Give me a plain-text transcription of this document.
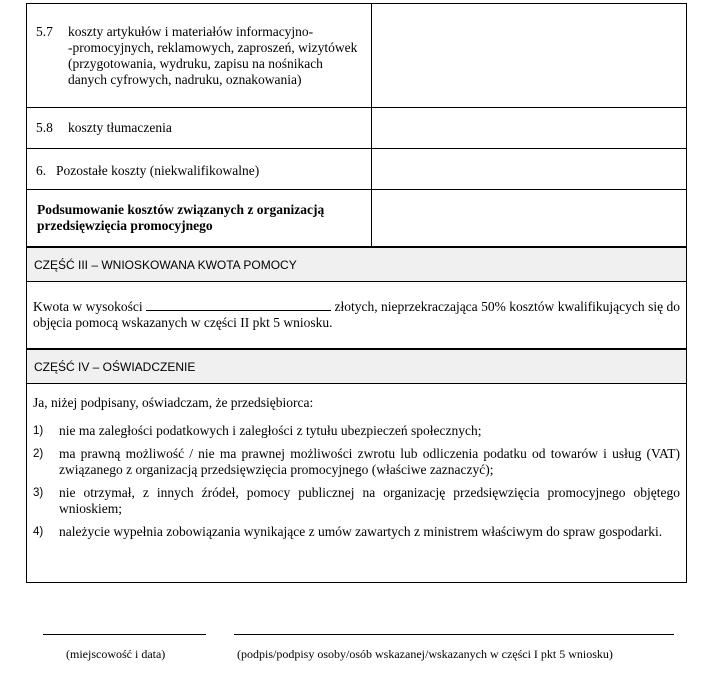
5.7 koszty artykułów i materiałów informacyjno-
-promocyjnych, reklamowych, zaproszeń, wizytówek (przygotowania, wydruku, zapisu na nośnikach danych cyfrowych, nadruku, oznakowania)	

5.8 koszty tłumaczenia	

6. Pozostałe koszty (niekwalifikowalne)	

Podsumowanie kosztów związanych z organizacją przedsięwzięcia promocyjnego	

CZĘŚĆ III – WNIOSKOWANA KWOTA POMOCY

Kwota w wysokości	złotych, nieprzekraczająca 50% kosztów kwalifikujących się do objęcia pomocą wskazanych w części II pkt 5 wniosku.

CZĘŚĆ IV – OŚWIADCZENIE

Ja, niżej podpisany, oświadczam, że przedsiębiorca:

1)	nie ma zaległości podatkowych i zaległości z tytułu ubezpieczeń społecznych;
2)	ma prawną możliwość / nie ma prawnej możliwości zwrotu lub odliczenia podatku od towarów i usług (VAT) związanego z organizacją przedsięwzięcia promocyjnego (właściwe zaznaczyć);
3)	nie otrzymał, z innych źródeł, pomocy publicznej na organizację przedsięwzięcia promocyjnego objętego wnioskiem;
4)	należycie wypełnia zobowiązania wynikające z umów zawartych z ministrem właściwym do spraw gospodarki.
(miejscowość i data)	(podpis/podpisy osoby/osób wskazanej/wskazanych w części I pkt 5 wniosku)
